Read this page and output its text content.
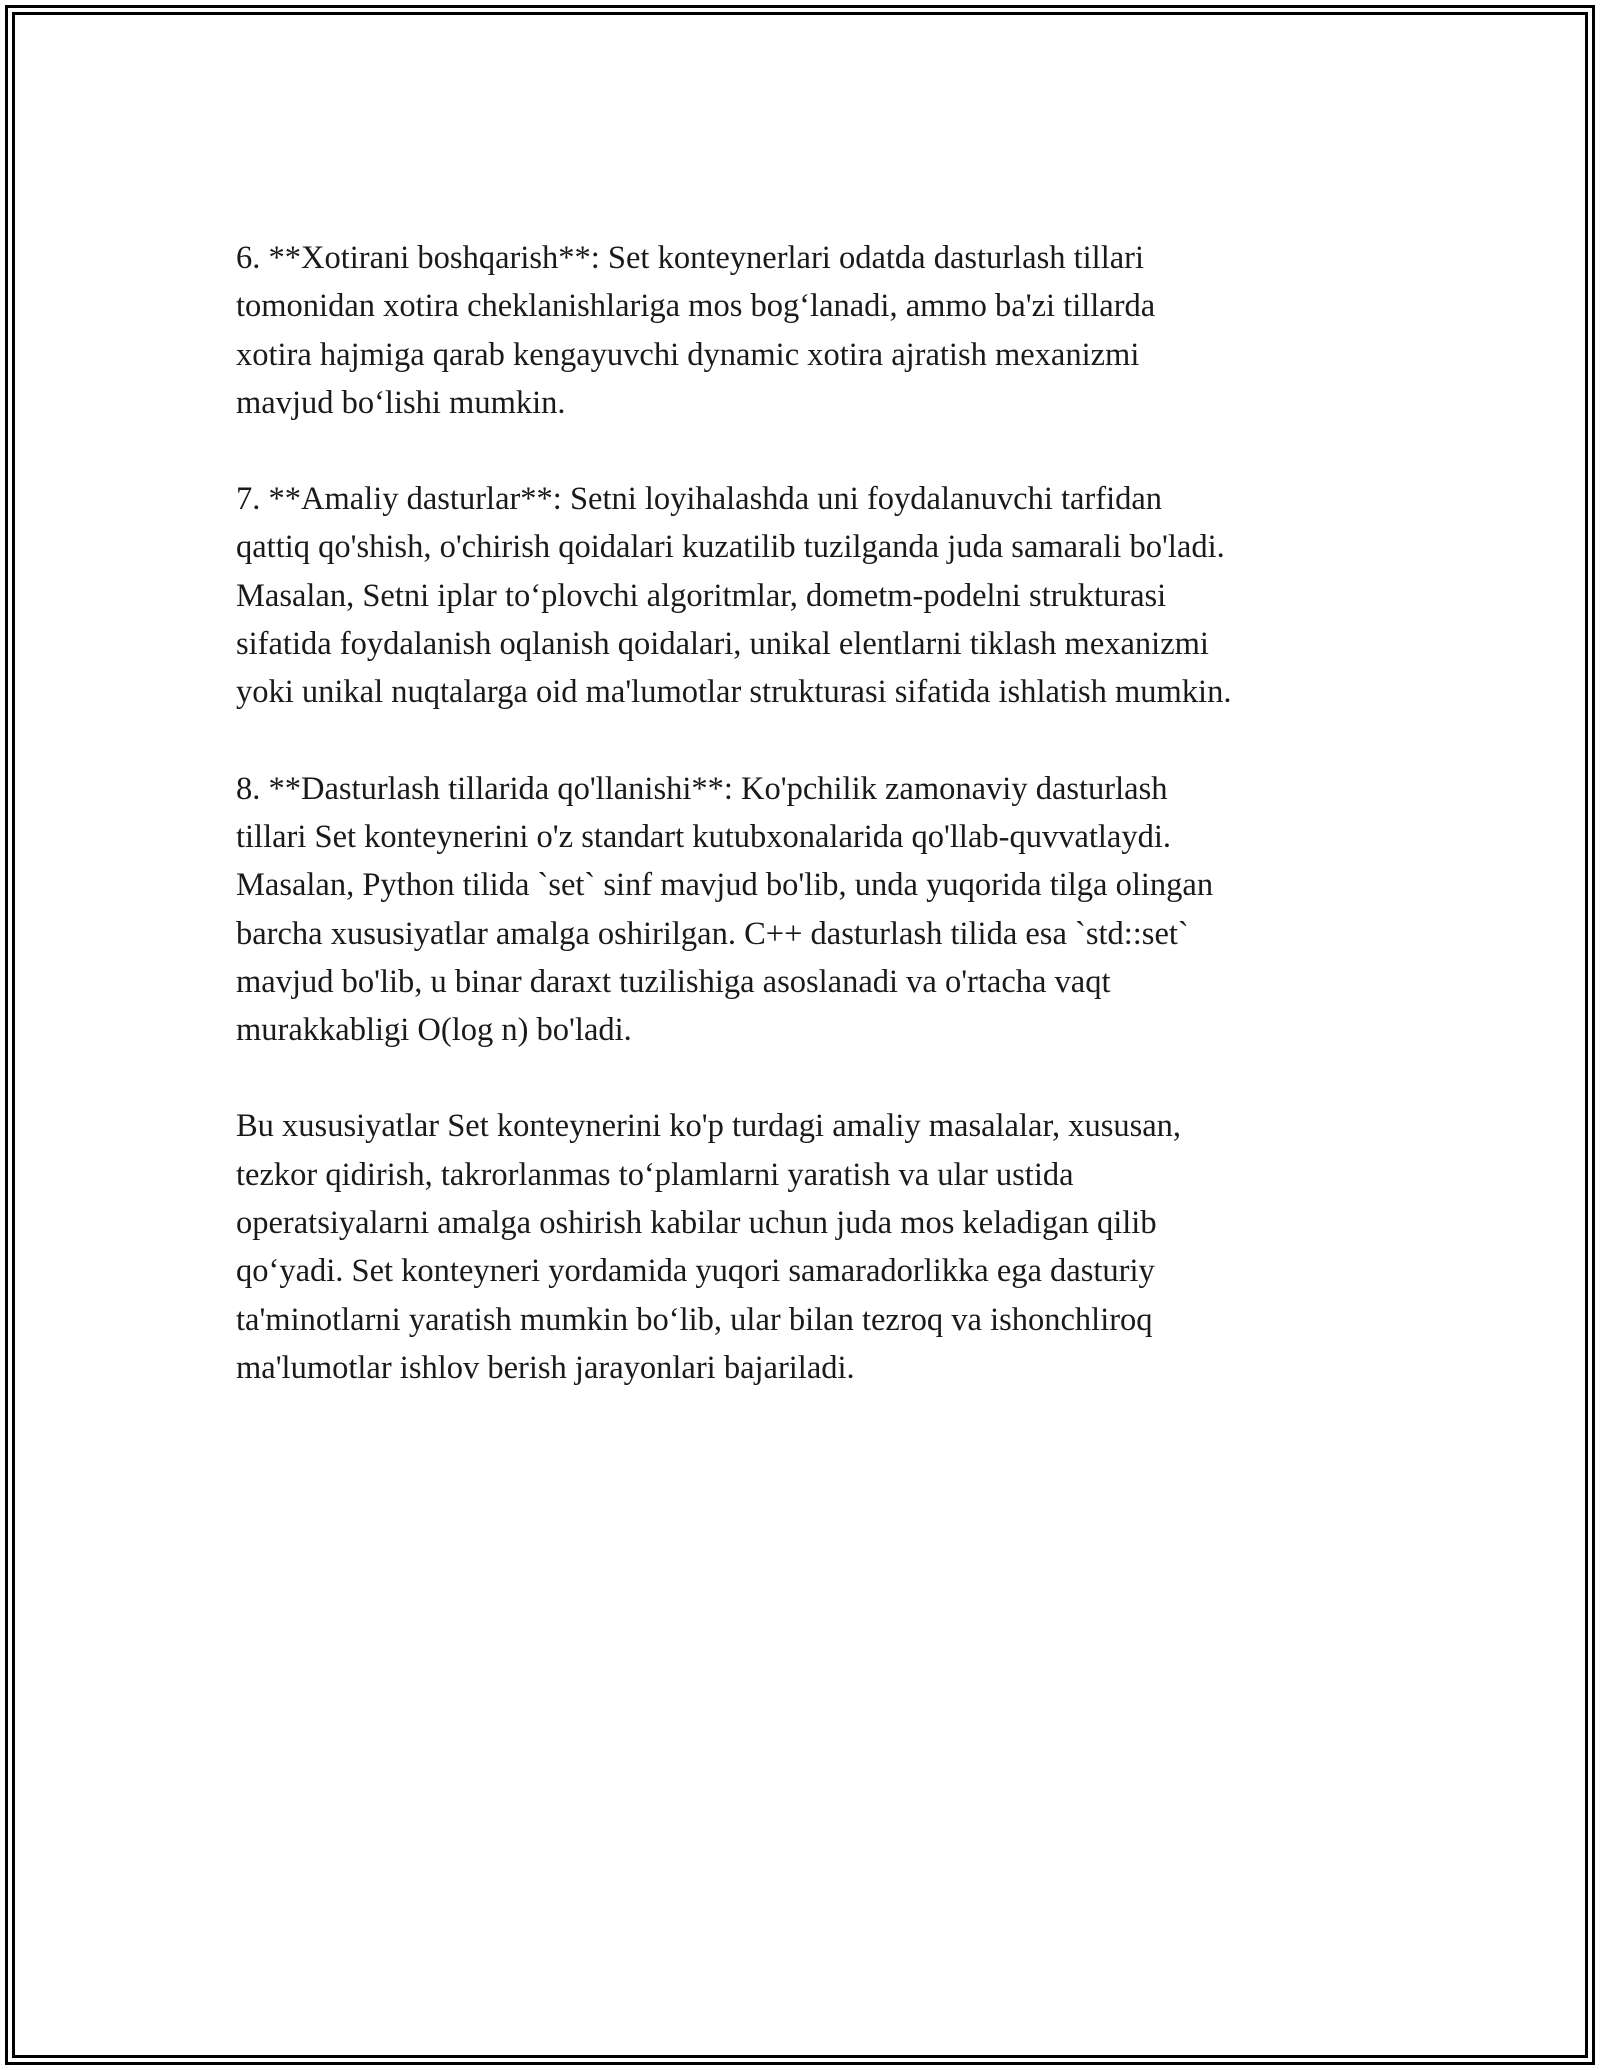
6. **Xotirani boshqarish**: Set konteynerlari odatda dasturlash tillari
tomonidan xotira cheklanishlariga mos bog‘lanadi, ammo ba'zi tillarda
xotira hajmiga qarab kengayuvchi dynamic xotira ajratish mexanizmi
mavjud bo‘lishi mumkin.

7. **Amaliy dasturlar**: Setni loyihalashda uni foydalanuvchi tarfidan
qattiq qo'shish, o'chirish qoidalari kuzatilib tuzilganda juda samarali bo'ladi.
Masalan, Setni iplar to‘plovchi algoritmlar, dometm-podelni strukturasi
sifatida foydalanish oqlanish qoidalari, unikal elentlarni tiklash mexanizmi
yoki unikal nuqtalarga oid ma'lumotlar strukturasi sifatida ishlatish mumkin.

8. **Dasturlash tillarida qo'llanishi**: Ko'pchilik zamonaviy dasturlash
tillari Set konteynerini o'z standart kutubxonalarida qo'llab-quvvatlaydi.
Masalan, Python tilida `set` sinf mavjud bo'lib, unda yuqorida tilga olingan
barcha xususiyatlar amalga oshirilgan. C++ dasturlash tilida esa `std::set`
mavjud bo'lib, u binar daraxt tuzilishiga asoslanadi va o'rtacha vaqt
murakkabligi O(log n) bo'ladi.

Bu xususiyatlar Set konteynerini ko'p turdagi amaliy masalalar, xususan,
tezkor qidirish, takrorlanmas to‘plamlarni yaratish va ular ustida
operatsiyalarni amalga oshirish kabilar uchun juda mos keladigan qilib
qo‘yadi. Set konteyneri yordamida yuqori samaradorlikka ega dasturiy
ta'minotlarni yaratish mumkin bo‘lib, ular bilan tezroq va ishonchliroq
ma'lumotlar ishlov berish jarayonlari bajariladi.
